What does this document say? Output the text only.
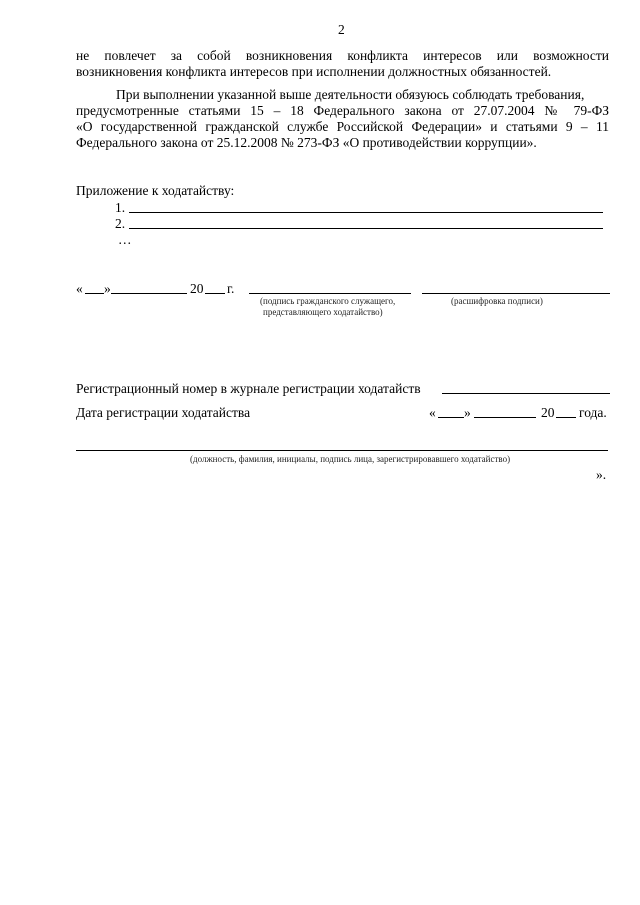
2
не повлечет за собой возникновения конфликта интересов или возможности
возникновения конфликта интересов при исполнении должностных обязанностей.
При выполнении указанной выше деятельности обязуюсь соблюдать требования,
предусмотренные статьями 15 – 18 Федерального закона от 27.07.2004 № 79-ФЗ
«О государственной гражданской службе Российской Федерации» и статьями 9 – 11
Федерального закона от 25.12.2008 № 273-ФЗ «О противодействии коррупции».
Приложение к ходатайству:
1.
2.
…
« »	20 г.
(подпись гражданского служащего,
представляющего ходатайство)
(расшифровка подписи)
Регистрационный номер в журнале регистрации ходатайств
Дата регистрации ходатайства	« »	20 года.
(должность, фамилия, инициалы, подпись лица, зарегистрировавшего ходатайство)
».
